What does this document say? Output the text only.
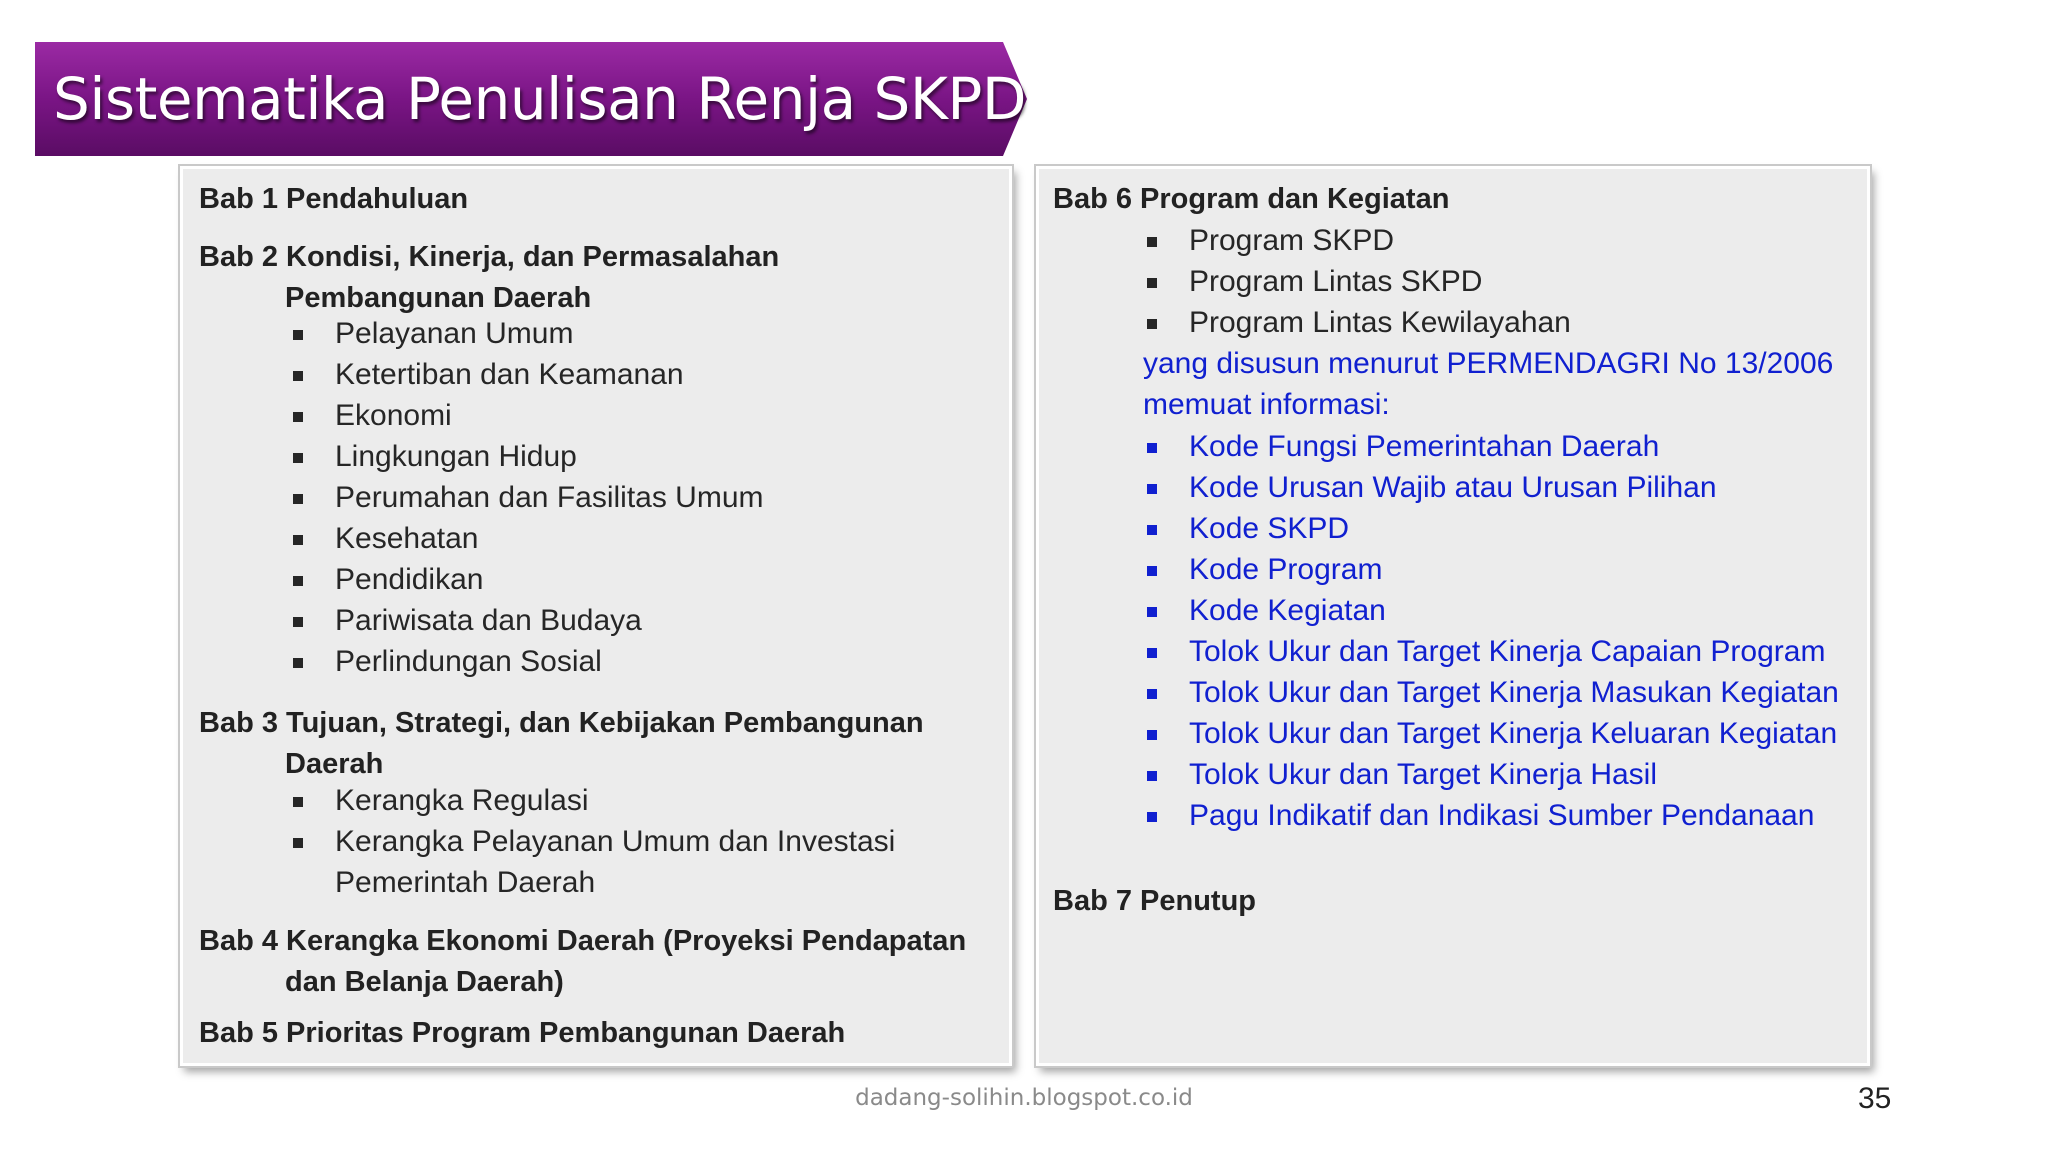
Sistematika Penulisan Renja SKPD
Bab 1 Pendahuluan
Bab 2 Kondisi, Kinerja, dan Permasalahan
Pembangunan Daerah
Pelayanan Umum
Ketertiban dan Keamanan
Ekonomi
Lingkungan Hidup
Perumahan dan Fasilitas Umum
Kesehatan
Pendidikan
Pariwisata dan Budaya
Perlindungan Sosial
Bab 3 Tujuan, Strategi, dan Kebijakan Pembangunan
Daerah
Kerangka Regulasi
Kerangka Pelayanan Umum dan Investasi
Pemerintah Daerah
Bab 4 Kerangka Ekonomi Daerah (Proyeksi Pendapatan
dan Belanja Daerah)
Bab 5 Prioritas Program Pembangunan Daerah
Bab 6 Program dan Kegiatan
Program SKPD
Program Lintas SKPD
Program Lintas Kewilayahan
yang disusun menurut PERMENDAGRI No 13/2006
memuat informasi:
Kode Fungsi Pemerintahan Daerah
Kode Urusan Wajib atau Urusan Pilihan
Kode SKPD
Kode Program
Kode Kegiatan
Tolok Ukur dan Target Kinerja Capaian Program
Tolok Ukur dan Target Kinerja Masukan Kegiatan
Tolok Ukur dan Target Kinerja Keluaran Kegiatan
Tolok Ukur dan Target Kinerja Hasil
Pagu Indikatif dan Indikasi Sumber Pendanaan
Bab 7 Penutup
dadang-solihin.blogspot.co.id	35
